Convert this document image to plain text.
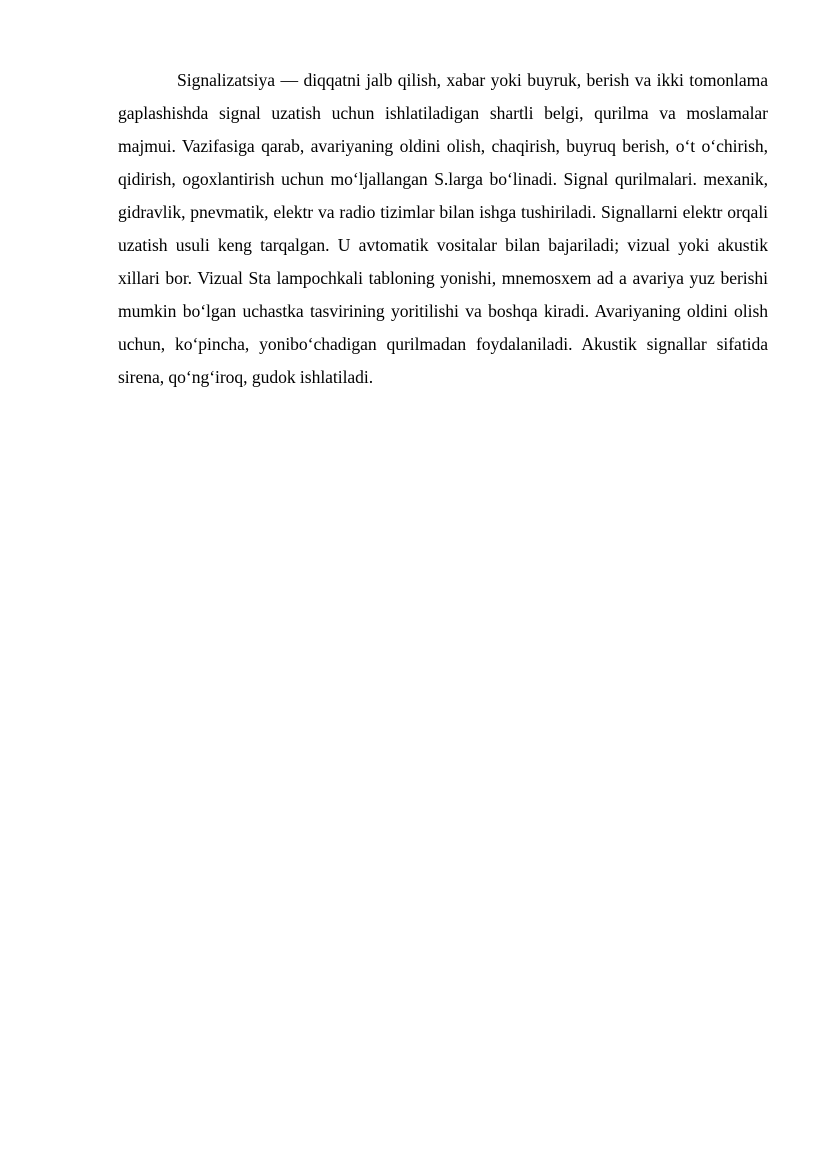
Signalizatsiya — diqqatni jalb qilish, xabar yoki buyruk, berish va ikki tomonlama gaplashishda signal uzatish uchun ishlatiladigan shartli belgi, qurilma va moslamalar majmui. Vazifasiga qarab, avariyaning oldini olish, chaqirish, buyruq berish, oʻt oʻchirish, qidirish, ogoxlantirish uchun moʻljallangan S.larga boʻlinadi. Signal qurilmalari. mexanik, gidravlik, pnevmatik, elektr va radio tizimlar bilan ishga tushiriladi. Signallarni elektr orqali uzatish usuli keng tarqalgan. U avtomatik vositalar bilan bajariladi; vizual yoki akustik xillari bor. Vizual Sta lampochkali tabloning yonishi, mnemosxem ad a avariya yuz berishi mumkin boʻlgan uchastka tasvirining yoritilishi va boshqa kiradi. Avariyaning oldini olish uchun, koʻpincha, yoniboʻchadigan qurilmadan foydalaniladi. Akustik signallar sifatida sirena, qoʻngʻiroq, gudok ishlatiladi.
